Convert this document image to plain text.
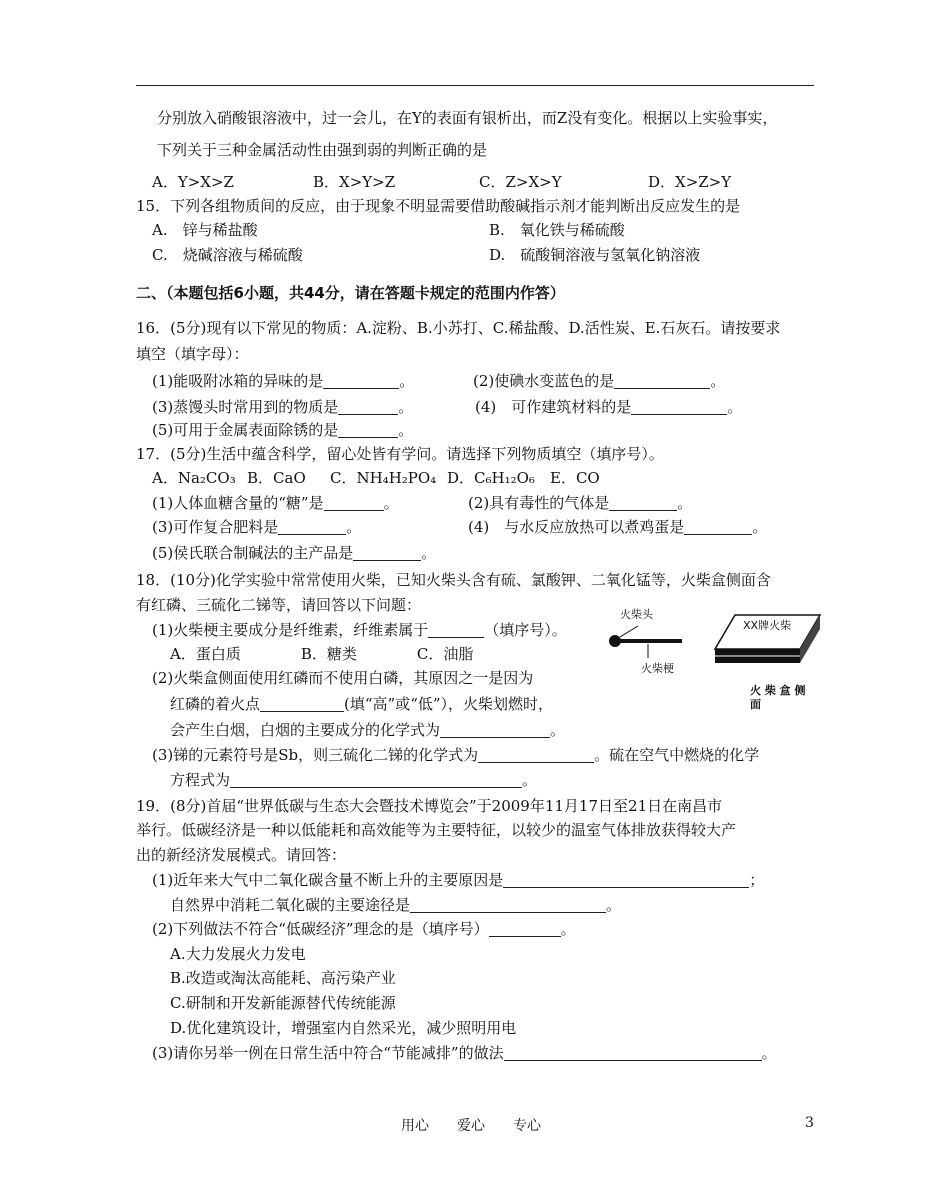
分别放入硝酸银溶液中，过一会儿，在Y的表面有银析出，而Z没有变化。根据以上实验事实，
下列关于三种金属活动性由强到弱的判断正确的是
A．Y>X>Z	B．X>Y>Z	C．Z>X>Y	D．X>Z>Y
15．下列各组物质间的反应，由于现象不明显需要借助酸碱指示剂才能判断出反应发生的是
A.　锌与稀盐酸	B.　氧化铁与稀硫酸
C.　烧碱溶液与稀硫酸	D.　硫酸铜溶液与氢氧化钠溶液
二、（本题包括6小题，共44分，请在答题卡规定的范围内作答）
16．(5分)现有以下常见的物质：A.淀粉、B.小苏打、C.稀盐酸、D.活性炭、E.石灰石。请按要求
填空（填字母）：
(1)能吸附冰箱的异味的是	。	(2)使碘水变蓝色的是	。
(3)蒸馒头时常用到的物质是	。	(4)　可作建筑材料的是	。
(5)可用于金属表面除锈的是	。
17．(5分)生活中蕴含科学，留心处皆有学问。请选择下列物质填空（填序号）。
A．Na₂CO₃ B．CaO C．NH₄H₂PO₄ D．C₆H₁₂O₆ E．CO
(1)人体血糖含量的“糖”是	。	(2)具有毒性的气体是	。
(3)可作复合肥料是	。	(4)　与水反应放热可以煮鸡蛋是	。
(5)侯氏联合制碱法的主产品是	。
18．(10分)化学实验中常常使用火柴，已知火柴头含有硫、氯酸钾、二氧化锰等，火柴盒侧面含
有红磷、三硫化二锑等，请回答以下问题：
(1)火柴梗主要成分是纤维素，纤维素属于	（填序号）。
A．蛋白质　　　　B．糖类　　　　C．油脂
(2)火柴盒侧面使用红磷而不使用白磷，其原因之一是因为
红磷的着火点	(填“高”或“低”），火柴划燃时，
会产生白烟，白烟的主要成分的化学式为	。
(3)锑的元素符号是Sb，则三硫化二锑的化学式为	。硫在空气中燃烧的化学
方程式为	。
火柴头
火柴梗
XX牌火柴
火 柴 盒 侧
面
19．(8分)首届“世界低碳与生态大会暨技术博览会”于2009年11月17日至21日在南昌市
举行。低碳经济是一种以低能耗和高效能等为主要特征，以较少的温室气体排放获得较大产
出的新经济发展模式。请回答：
(1)近年来大气中二氧化碳含量不断上升的主要原因是	；
自然界中消耗二氧化碳的主要途径是	。
(2)下列做法不符合“低碳经济”理念的是（填序号）	。
A.大力发展火力发电
B.改造或淘汰高能耗、高污染产业
C.研制和开发新能源替代传统能源
D.优化建筑设计，增强室内自然采光，减少照明用电
(3)请你另举一例在日常生活中符合“节能减排”的做法	。
用心　　爱心　　专心	3
